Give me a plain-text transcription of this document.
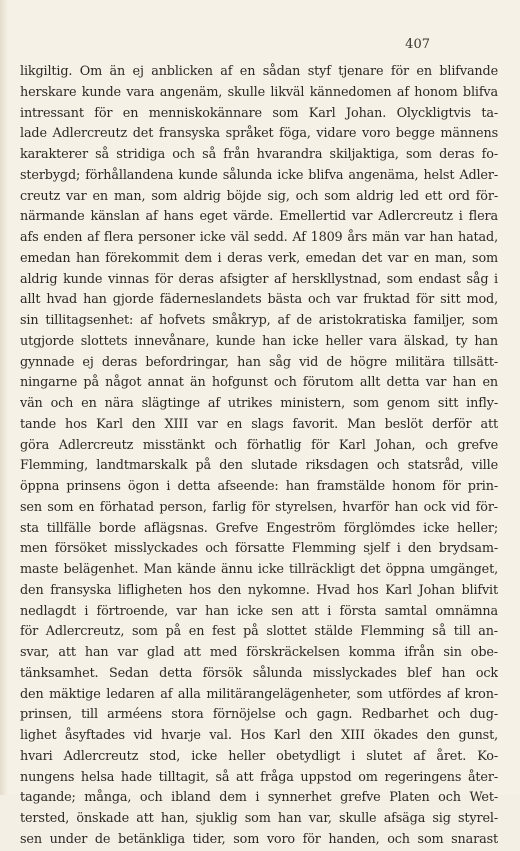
407
likgiltig. Om än ej anblicken af en sådan styf tjenare för en blifvande
herskare kunde vara angenäm, skulle likväl kännedomen af honom blifva
intressant för en menniskokännare som Karl Johan. Olyckligtvis ta-
lade Adlercreutz det fransyska språket föga, vidare voro begge männens
karakterer så stridiga och så från hvarandra skiljaktiga, som deras fo-
sterbygd; förhållandena kunde sålunda icke blifva angenäma, helst Adler-
creutz var en man, som aldrig böjde sig, och som aldrig led ett ord för-
närmande känslan af hans eget värde. Emellertid var Adlercreutz i flera
afs enden af flera personer icke väl sedd. Af 1809 års män var han hatad,
emedan han förekommit dem i deras verk, emedan det var en man, som
aldrig kunde vinnas för deras afsigter af herskllystnad, som endast såg i
allt hvad han gjorde fäderneslandets bästa och var fruktad för sitt mod,
sin tillitagsenhet: af hofvets småkryp, af de aristokratiska familjer, som
utgjorde slottets innevånare, kunde han icke heller vara älskad, ty han
gynnade ej deras befordringar, han såg vid de högre militära tillsätt-
ningarne på något annat än hofgunst och förutom allt detta var han en
vän och en nära slägtinge af utrikes ministern, som genom sitt infly-
tande hos Karl den XIII var en slags favorit. Man beslöt derför att
göra Adlercreutz misstänkt och förhatlig för Karl Johan, och grefve
Flemming, landtmarskalk på den slutade riksdagen och statsråd, ville
öppna prinsens ögon i detta afseende: han framstälde honom för prin-
sen som en förhatad person, farlig för styrelsen, hvarför han ock vid för-
sta tillfälle borde aflägsnas. Grefve Engeström förglömdes icke heller;
men försöket misslyckades och försatte Flemming sjelf i den brydsam-
maste belägenhet. Man kände ännu icke tillräckligt det öppna umgänget,
den fransyska lifligheten hos den nykomne. Hvad hos Karl Johan blifvit
nedlagdt i förtroende, var han icke sen att i första samtal omnämna
för Adlercreutz, som på en fest på slottet stälde Flemming så till an-
svar, att han var glad att med förskräckelsen komma ifrån sin obe-
tänksamhet. Sedan detta försök sålunda misslyckades blef han ock
den mäktige ledaren af alla militärangelägenheter, som utfördes af kron-
prinsen, till arméens stora förnöjelse och gagn. Redbarhet och dug-
lighet åsyftades vid hvarje val. Hos Karl den XIII ökades den gunst,
hvari Adlercreutz stod, icke heller obetydligt i slutet af året. Ko-
nungens helsa hade tilltagit, så att fråga uppstod om regeringens åter-
tagande; många, och ibland dem i synnerhet grefve Platen och Wet-
tersted, önskade att han, sjuklig som han var, skulle afsäga sig styrel-
sen under de betänkliga tider, som voro för handen, och som snarast
